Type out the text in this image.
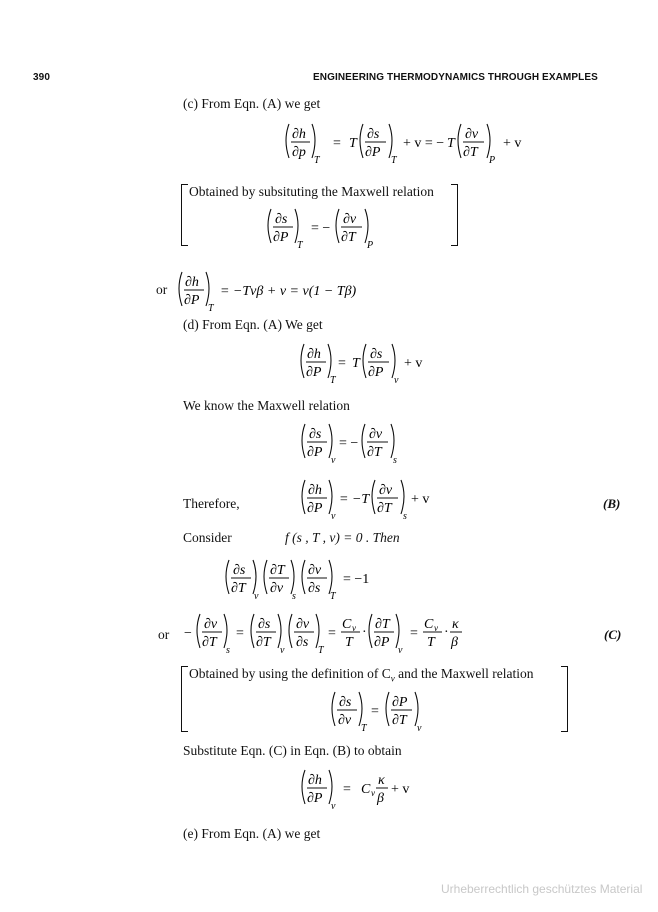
390	ENGINEERING THERMODYNAMICS THROUGH EXAMPLES
(c) From Eqn. (A) we get
∂h
∂p
T
= T
∂s
∂P
T
+ v = − T
∂v
∂T
P
+ v
Obtained by subsituting the Maxwell relation
∂s
∂P
T
= −
∂v
∂T
P
or ∂h
∂P
T
= −Tvβ + v = v(1 − Tβ)
(d) From Eqn. (A) We get
∂h
∂P
T
= T
∂s
∂P
v
+ v
We know the Maxwell relation
∂s
∂P
v
= −
∂v
∂T
s
Therefore,
∂h
∂P
v
= −T
∂v
∂T
s
+ v	(B)
Consider	f (s , T , v) = 0 . Then
∂s
∂T
v
∂T
∂v
s
∂v
∂s
T
= −1
or −
∂v
∂T
s
=
∂s
∂T
v
∂v
∂s
T
=
C v
T
·
∂T
∂P
v
=
C v
T
·
κ
β
(C)
Obtained by using the definition of $C_v$ and the Maxwell relation
∂s
∂v
T
=
∂P
∂T
v
Substitute Eqn. (C) in Eqn. (B) to obtain
∂h
∂P
v
= C v
κ
β
+ v
(e) From Eqn. (A) we get
Urheberrechtlich geschütztes Material
